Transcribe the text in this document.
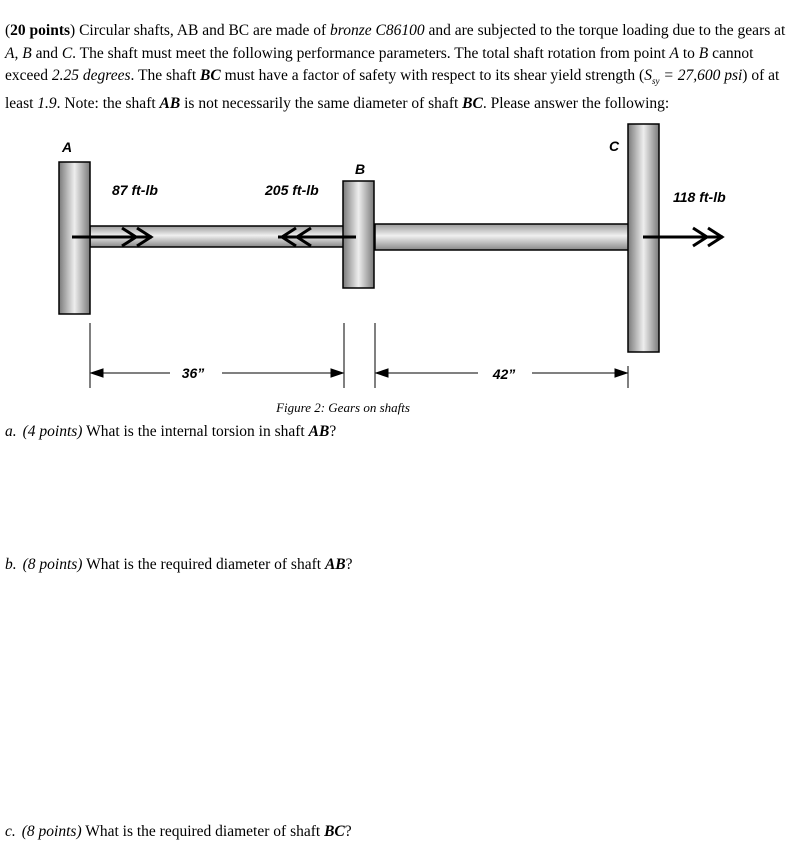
(20 points) Circular shafts, AB and BC are made of bronze C86100 and are subjected to the torque loading due to the gears at A, B and C. The shaft must meet the following performance parameters. The total shaft rotation from point A to B cannot exceed 2.25 degrees. The shaft BC must have a factor of safety with respect to its shear yield strength ($S_{sy} = 27,600$ psi) of at least 1.9. Note: the shaft AB is not necessarily the same diameter of shaft BC. Please answer the following:

A
B
C
87 ft-lb	205 ft-lb	118 ft-lb
36”	42”
Figure 2: Gears on shafts

a. (4 points) What is the internal torsion in shaft AB?

b. (8 points) What is the required diameter of shaft AB?

c. (8 points) What is the required diameter of shaft BC?
